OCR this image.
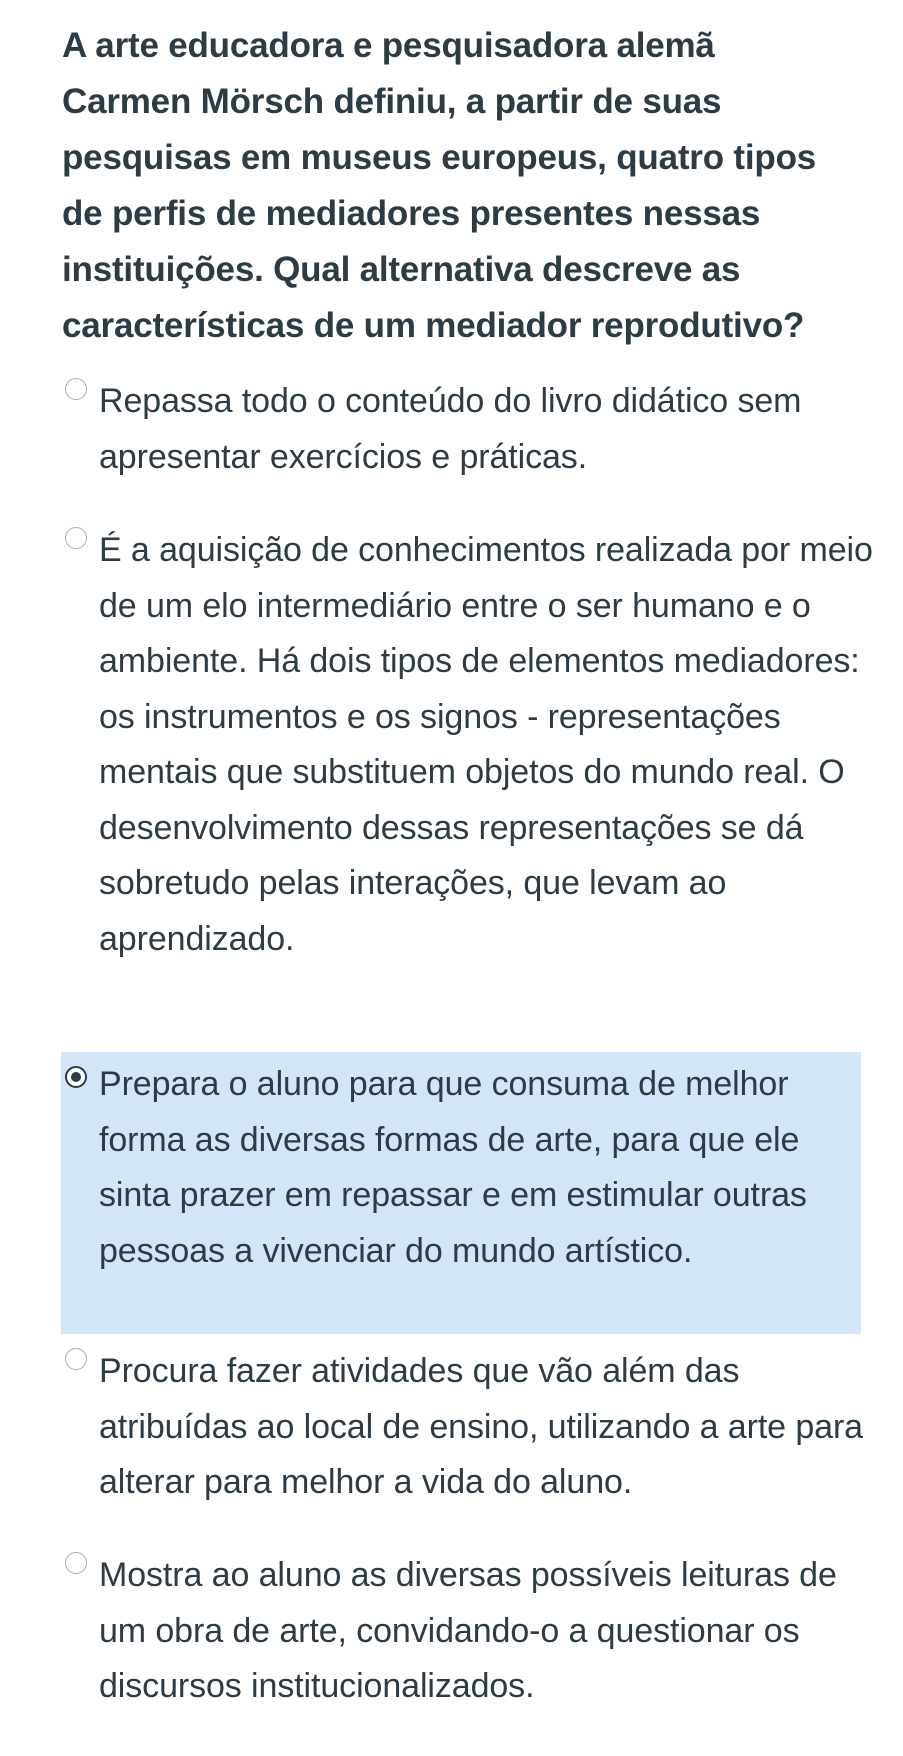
A arte educadora e pesquisadora alemã Carmen Mörsch definiu, a partir de suas pesquisas em museus europeus, quatro tipos de perfis de mediadores presentes nessas instituições. Qual alternativa descreve as características de um mediador reprodutivo?

Repassa todo o conteúdo do livro didático sem apresentar exercícios e práticas.
É a aquisição de conhecimentos realizada por meio de um elo intermediário entre o ser humano e o ambiente. Há dois tipos de elementos mediadores: os instrumentos e os signos - representações mentais que substituem objetos do mundo real. O desenvolvimento dessas representações se dá sobretudo pelas interações, que levam ao aprendizado.
Prepara o aluno para que consuma de melhor forma as diversas formas de arte, para que ele sinta prazer em repassar e em estimular outras pessoas a vivenciar do mundo artístico.
Procura fazer atividades que vão além das atribuídas ao local de ensino, utilizando a arte para alterar para melhor a vida do aluno.
Mostra ao aluno as diversas possíveis leituras de um obra de arte, convidando-o a questionar os discursos institucionalizados.
